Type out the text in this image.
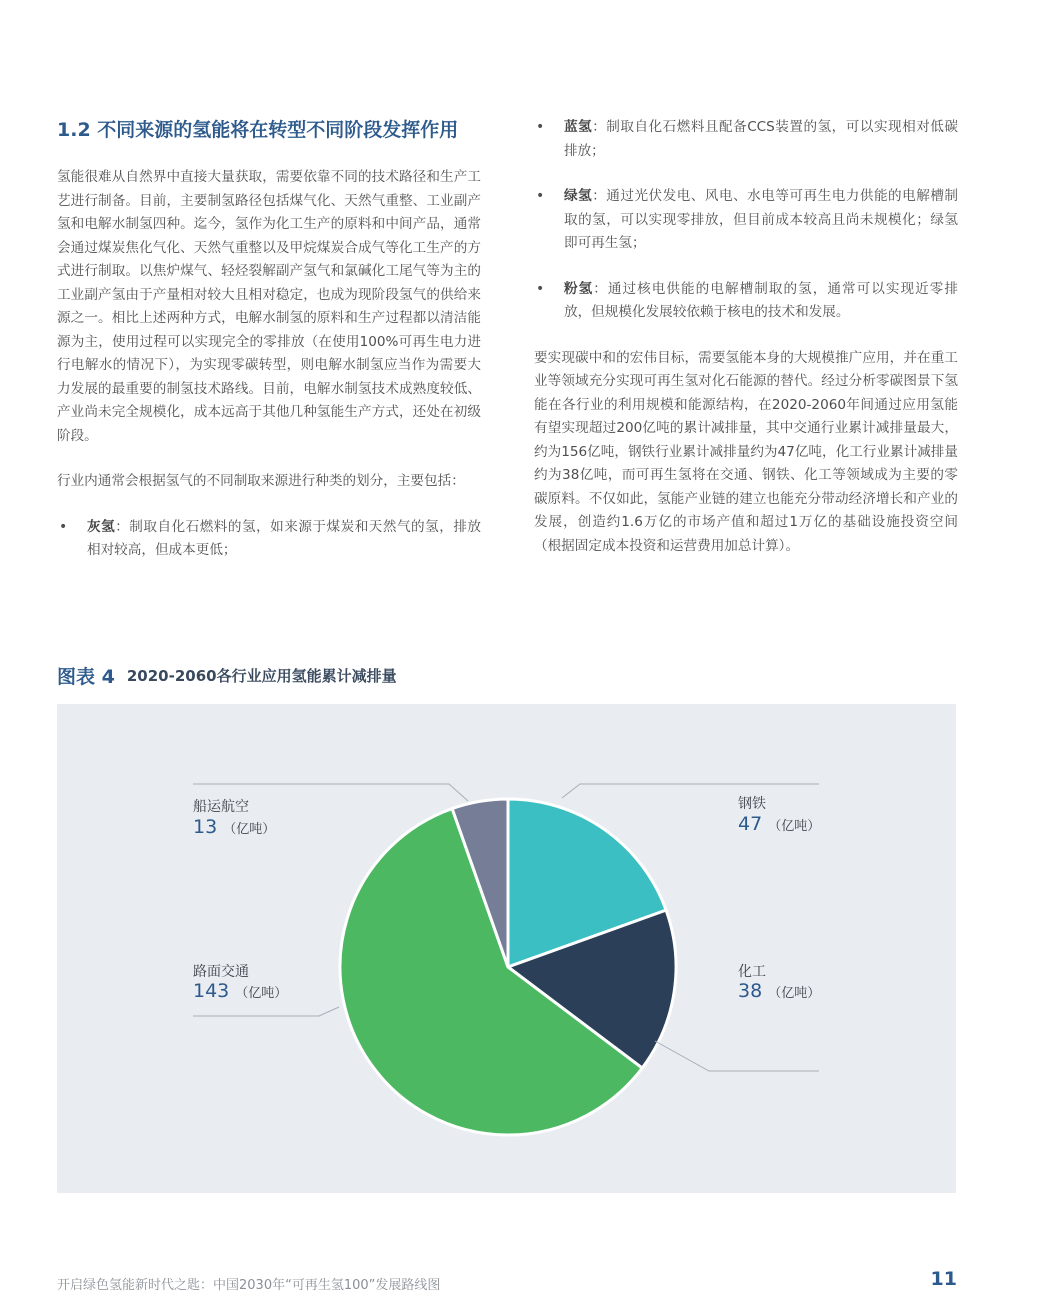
1.2 不同来源的氢能将在转型不同阶段发挥作用

氢能很难从自然界中直接大量获取，需要依靠不同的技术路径和生产工艺进行制备。目前，主要制氢路径包括煤气化、天然气重整、工业副产氢和电解水制氢四种。迄今，氢作为化工生产的原料和中间产品，通常会通过煤炭焦化气化、天然气重整以及甲烷煤炭合成气等化工生产的方式进行制取。以焦炉煤气、轻烃裂解副产氢气和氯碱化工尾气等为主的工业副产氢由于产量相对较大且相对稳定，也成为现阶段氢气的供给来源之一。相比上述两种方式，电解水制氢的原料和生产过程都以清洁能源为主，使用过程可以实现完全的零排放（在使用100%可再生电力进行电解水的情况下），为实现零碳转型，则电解水制氢应当作为需要大力发展的最重要的制氢技术路线。目前，电解水制氢技术成熟度较低、产业尚未完全规模化，成本远高于其他几种氢能生产方式，还处在初级阶段。

行业内通常会根据氢气的不同制取来源进行种类的划分，主要包括：

• 灰氢：制取自化石燃料的氢，如来源于煤炭和天然气的氢，排放相对较高，但成本更低；
• 蓝氢：制取自化石燃料且配备CCS装置的氢，可以实现相对低碳排放；
• 绿氢：通过光伏发电、风电、水电等可再生电力供能的电解槽制取的氢，可以实现零排放，但目前成本较高且尚未规模化；绿氢即可再生氢；
• 粉氢：通过核电供能的电解槽制取的氢，通常可以实现近零排放，但规模化发展较依赖于核电的技术和发展。

要实现碳中和的宏伟目标，需要氢能本身的大规模推广应用，并在重工业等领域充分实现可再生氢对化石能源的替代。经过分析零碳图景下氢能在各行业的利用规模和能源结构，在2020-2060年间通过应用氢能有望实现超过200亿吨的累计减排量，其中交通行业累计减排量最大，约为156亿吨，钢铁行业累计减排量约为47亿吨，化工行业累计减排量约为38亿吨，而可再生氢将在交通、钢铁、化工等领域成为主要的零碳原料。不仅如此，氢能产业链的建立也能充分带动经济增长和产业的发展，创造约1.6万亿的市场产值和超过1万亿的基础设施投资空间（根据固定成本投资和运营费用加总计算）。

图表 4 2020-2060各行业应用氢能累计减排量
钢铁
47 （亿吨）
化工
38 （亿吨）
路面交通
143 （亿吨）
船运航空
13 （亿吨）
开启绿色氢能新时代之匙：中国2030年“可再生氢100”发展路线图	11
